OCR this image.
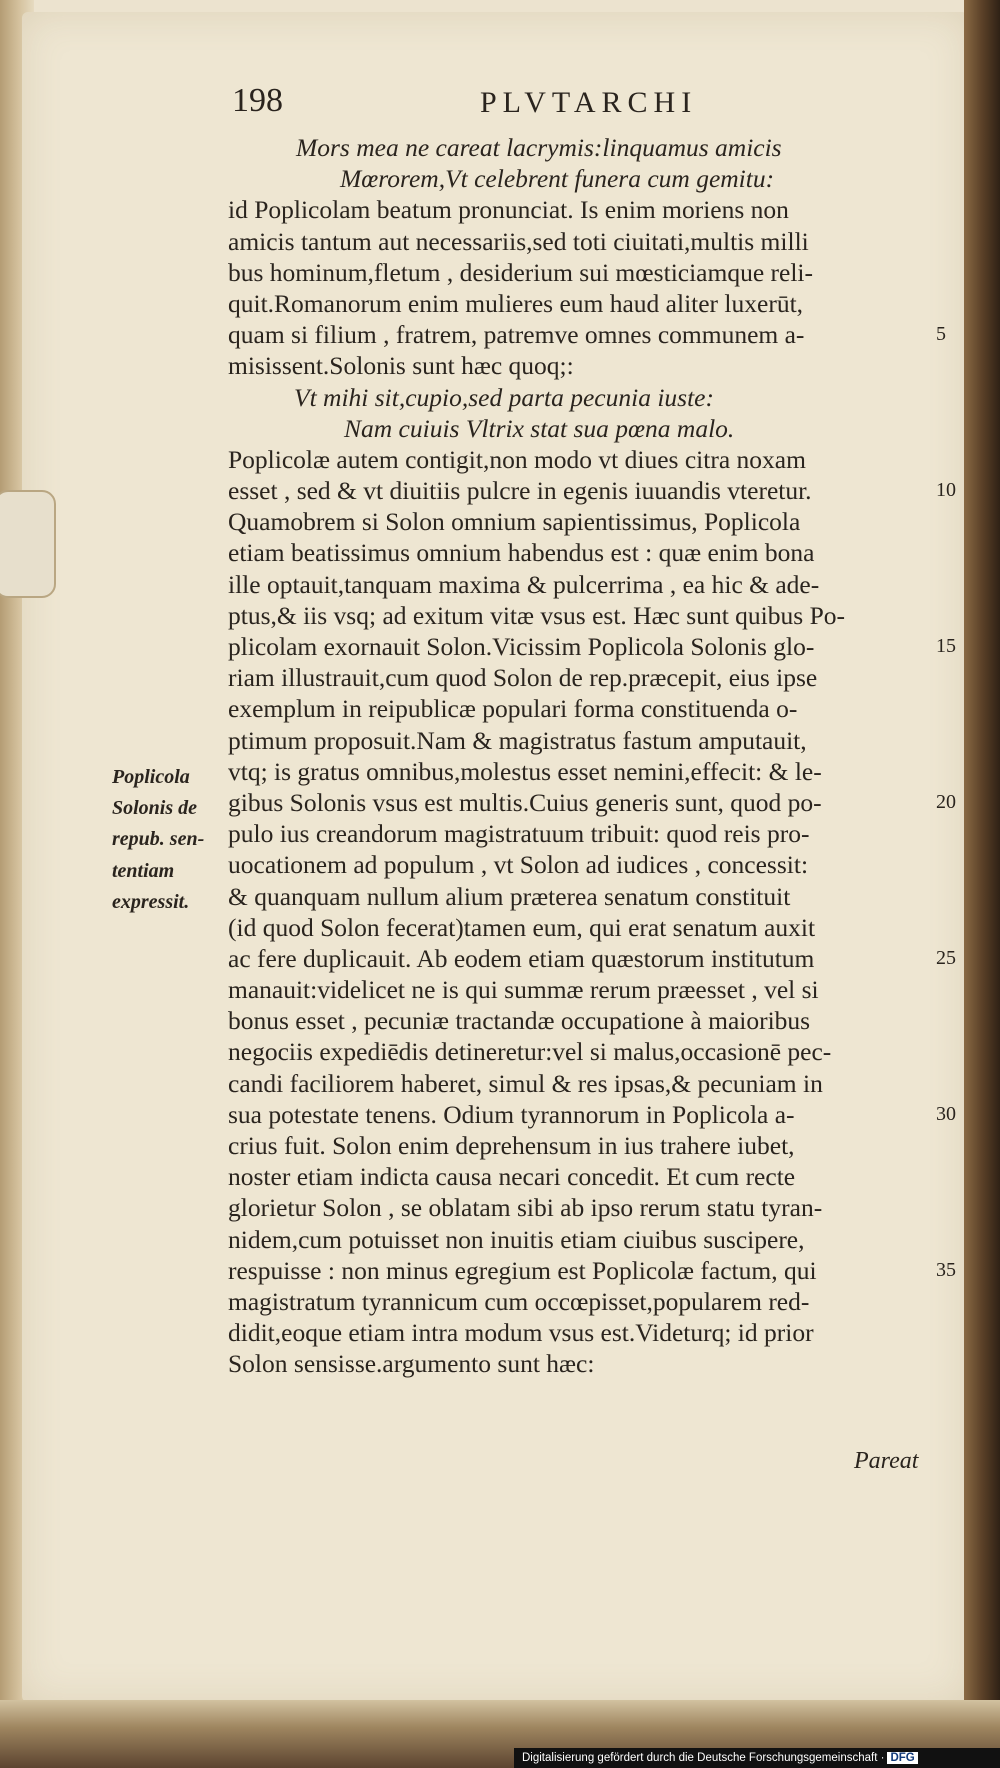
198	PLVTARCHI
Mors mea ne careat lacrymis:linquamus amicis
Mœrorem,Vt celebrent funera cum gemitu:
id Poplicolam beatum pronunciat. Is enim moriens non
amicis tantum aut necessariis,sed toti ciuitati,multis milli
bus hominum,fletum , desiderium sui mœsticiamque reli-
quit.Romanorum enim mulieres eum haud aliter luxerūt,
quam si filium , fratrem, patremve omnes communem a-
misissent.Solonis sunt hæc quoq;:
Vt mihi sit,cupio,sed parta pecunia iuste:
Nam cuiuis Vltrix stat sua pœna malo.
Poplicolæ autem contigit,non modo vt diues citra noxam
esset , sed & vt diuitiis pulcre in egenis iuuandis vteretur.
Quamobrem si Solon omnium sapientissimus, Poplicola
etiam beatissimus omnium habendus est : quæ enim bona
ille optauit,tanquam maxima & pulcerrima , ea hic & ade-
ptus,& iis vsq; ad exitum vitæ vsus est. Hæc sunt quibus Po-
plicolam exornauit Solon.Vicissim Poplicola Solonis glo-
riam illustrauit,cum quod Solon de rep.præcepit, eius ipse
exemplum in reipublicæ populari forma constituenda o-
ptimum proposuit.Nam & magistratus fastum amputauit,
vtq; is gratus omnibus,molestus esset nemini,effecit: & le-
gibus Solonis vsus est multis.Cuius generis sunt, quod po-
pulo ius creandorum magistratuum tribuit: quod reis pro-
uocationem ad populum , vt Solon ad iudices , concessit:
& quanquam nullum alium præterea senatum constituit
(id quod Solon fecerat)tamen eum, qui erat senatum auxit
ac fere duplicauit. Ab eodem etiam quæstorum institutum
manauit:videlicet ne is qui summæ rerum præesset , vel si
bonus esset , pecuniæ tractandæ occupatione à maioribus
negociis expediēdis detineretur:vel si malus,occasionē pec-
candi faciliorem haberet, simul & res ipsas,& pecuniam in
sua potestate tenens. Odium tyrannorum in Poplicola a-
crius fuit. Solon enim deprehensum in ius trahere iubet,
noster etiam indicta causa necari concedit. Et cum recte
glorietur Solon , se oblatam sibi ab ipso rerum statu tyran-
nidem,cum potuisset non inuitis etiam ciuibus suscipere,
respuisse : non minus egregium est Poplicolæ factum, qui
magistratum tyrannicum cum occœpisset,popularem red-
didit,eoque etiam intra modum vsus est.Videturq; id prior
Solon sensisse.argumento sunt hæc:
5
10
15
20
25
30
35
Poplicola
Solonis de
repub. sen-
tentiam
expressit.
Pareat
Digitalisierung gefördert durch die Deutsche Forschungsgemeinschaft · DFG
